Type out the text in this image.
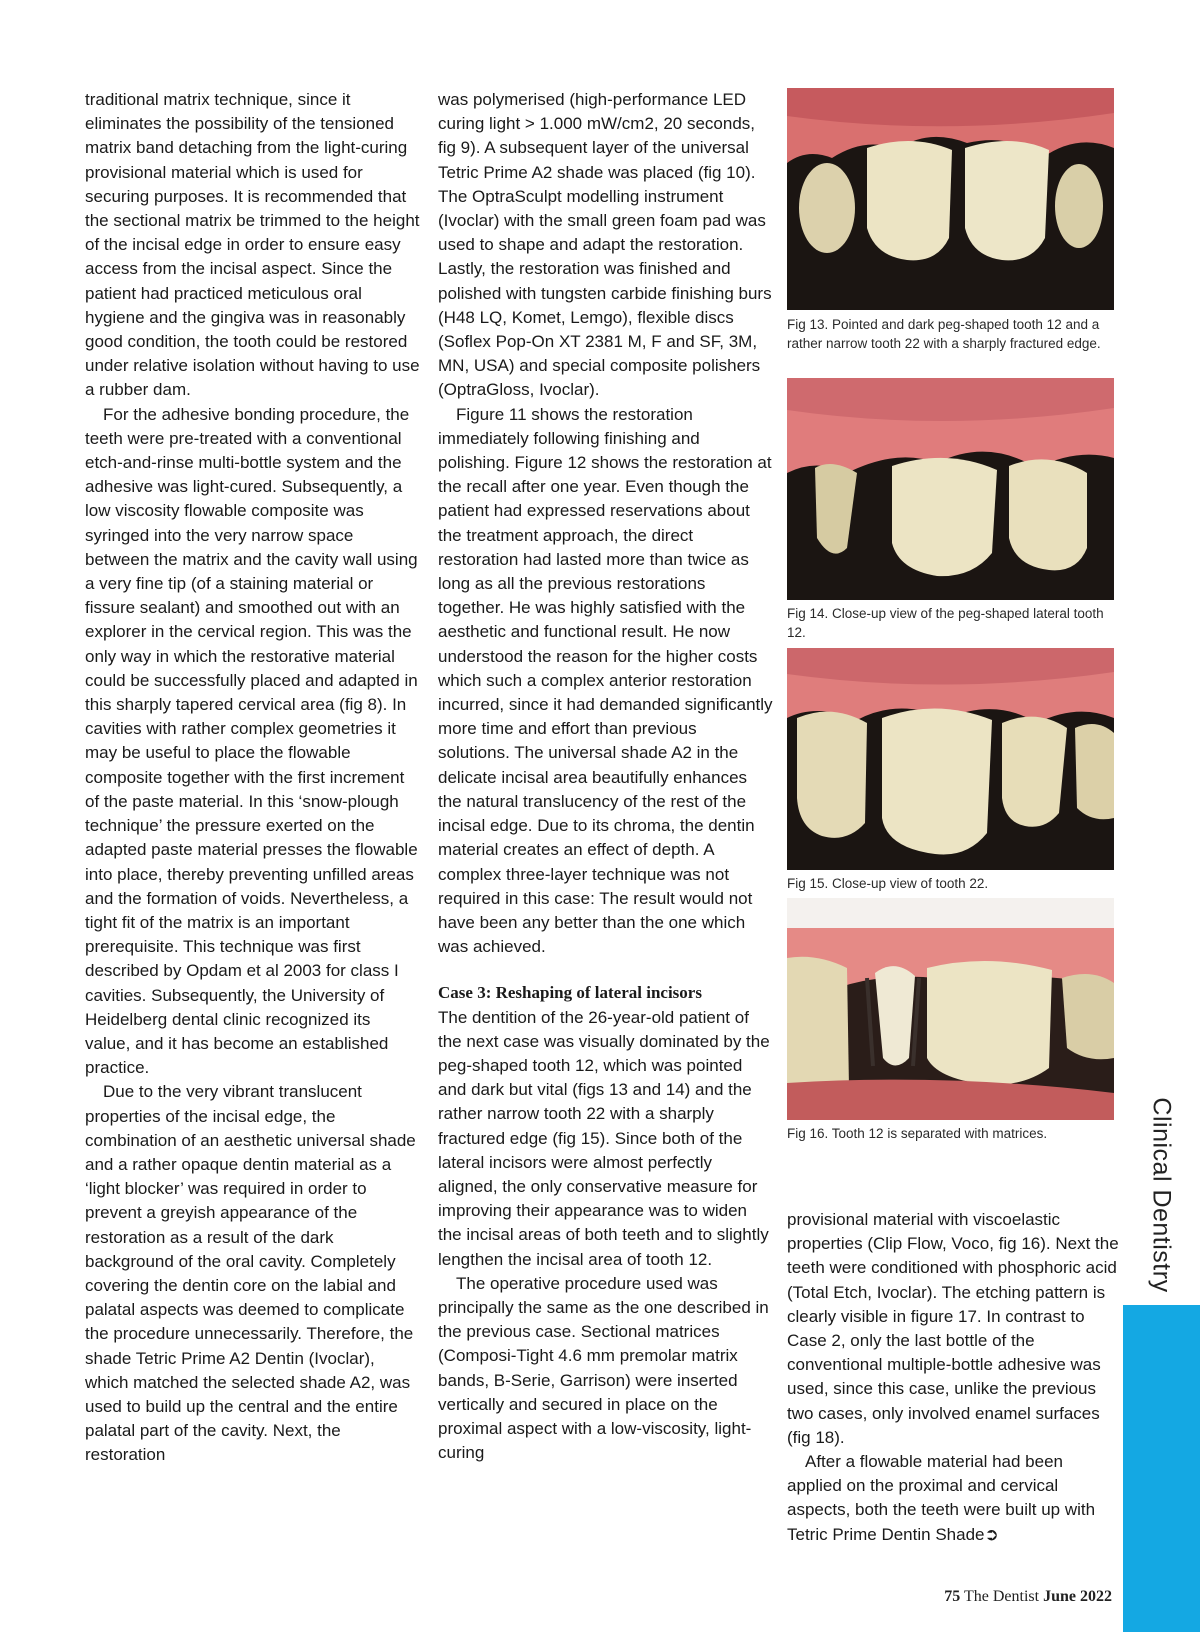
traditional matrix technique, since it eliminates the possibility of the tensioned matrix band detaching from the light-curing provisional material which is used for securing purposes. It is recommended that the sectional matrix be trimmed to the height of the incisal edge in order to ensure easy access from the incisal aspect. Since the patient had practiced meticulous oral hygiene and the gingiva was in reasonably good condition, the tooth could be restored under relative isolation without having to use a rubber dam.

For the adhesive bonding procedure, the teeth were pre-treated with a conventional etch-and-rinse multi-bottle system and the adhesive was light-cured. Subsequently, a low viscosity flowable composite was syringed into the very narrow space between the matrix and the cavity wall using a very fine tip (of a staining material or fissure sealant) and smoothed out with an explorer in the cervical region. This was the only way in which the restorative material could be successfully placed and adapted in this sharply tapered cervical area (fig 8). In cavities with rather complex geometries it may be useful to place the flowable composite together with the first increment of the paste material. In this ‘snow-plough technique’ the pressure exerted on the adapted paste material presses the flowable into place, thereby preventing unfilled areas and the formation of voids. Nevertheless, a tight fit of the matrix is an important prerequisite. This technique was first described by Opdam et al 2003 for class I cavities. Subsequently, the University of Heidelberg dental clinic recognized its value, and it has become an established practice.

Due to the very vibrant translucent properties of the incisal edge, the combination of an aesthetic universal shade and a rather opaque dentin material as a ‘light blocker’ was required in order to prevent a greyish appearance of the restoration as a result of the dark background of the oral cavity. Completely covering the dentin core on the labial and palatal aspects was deemed to complicate the procedure unnecessarily. Therefore, the shade Tetric Prime A2 Dentin (Ivoclar), which matched the selected shade A2, was used to build up the central and the entire palatal part of the cavity. Next, the restoration

was polymerised (high-performance LED curing light > 1.000 mW/cm2, 20 seconds, fig 9). A subsequent layer of the universal Tetric Prime A2 shade was placed (fig 10). The OptraSculpt modelling instrument (Ivoclar) with the small green foam pad was used to shape and adapt the restoration. Lastly, the restoration was finished and polished with tungsten carbide finishing burs (H48 LQ, Komet, Lemgo), flexible discs (Soflex Pop-On XT 2381 M, F and SF, 3M, MN, USA) and special composite polishers (OptraGloss, Ivoclar).

Figure 11 shows the restoration immediately following finishing and polishing. Figure 12 shows the restoration at the recall after one year. Even though the patient had expressed reservations about the treatment approach, the direct restoration had lasted more than twice as long as all the previous restorations together. He was highly satisfied with the aesthetic and functional result. He now understood the reason for the higher costs which such a complex anterior restoration incurred, since it had demanded significantly more time and effort than previous solutions. The universal shade A2 in the delicate incisal area beautifully enhances the natural translucency of the rest of the incisal edge. Due to its chroma, the dentin material creates an effect of depth. A complex three-layer technique was not required in this case: The result would not have been any better than the one which was achieved.

Case 3: Reshaping of lateral incisors

The dentition of the 26-year-old patient of the next case was visually dominated by the peg-shaped tooth 12, which was pointed and dark but vital (figs 13 and 14) and the rather narrow tooth 22 with a sharply fractured edge (fig 15). Since both of the lateral incisors were almost perfectly aligned, the only conservative measure for improving their appearance was to widen the incisal areas of both teeth and to slightly lengthen the incisal area of tooth 12.

The operative procedure used was principally the same as the one described in the previous case. Sectional matrices (Composi-Tight 4.6 mm premolar matrix bands, B-Serie, Garrison) were inserted vertically and secured in place on the proximal aspect with a low-viscosity, light-curing

Fig 13. Pointed and dark peg-shaped tooth 12 and a rather narrow tooth 22 with a sharply fractured edge.
Fig 14. Close-up view of the peg-shaped lateral tooth 12.
Fig 15. Close-up view of tooth 22.
Fig 16. Tooth 12 is separated with matrices.

provisional material with viscoelastic properties (Clip Flow, Voco, fig 16). Next the teeth were conditioned with phosphoric acid (Total Etch, Ivoclar). The etching pattern is clearly visible in figure 17. In contrast to Case 2, only the last bottle of the conventional multiple-bottle adhesive was used, since this case, unlike the previous two cases, only involved enamel surfaces (fig 18).

After a flowable material had been applied on the proximal and cervical aspects, both the teeth were built up with Tetric Prime Dentin Shade➲

Clinical Dentistry
75 The Dentist June 2022
